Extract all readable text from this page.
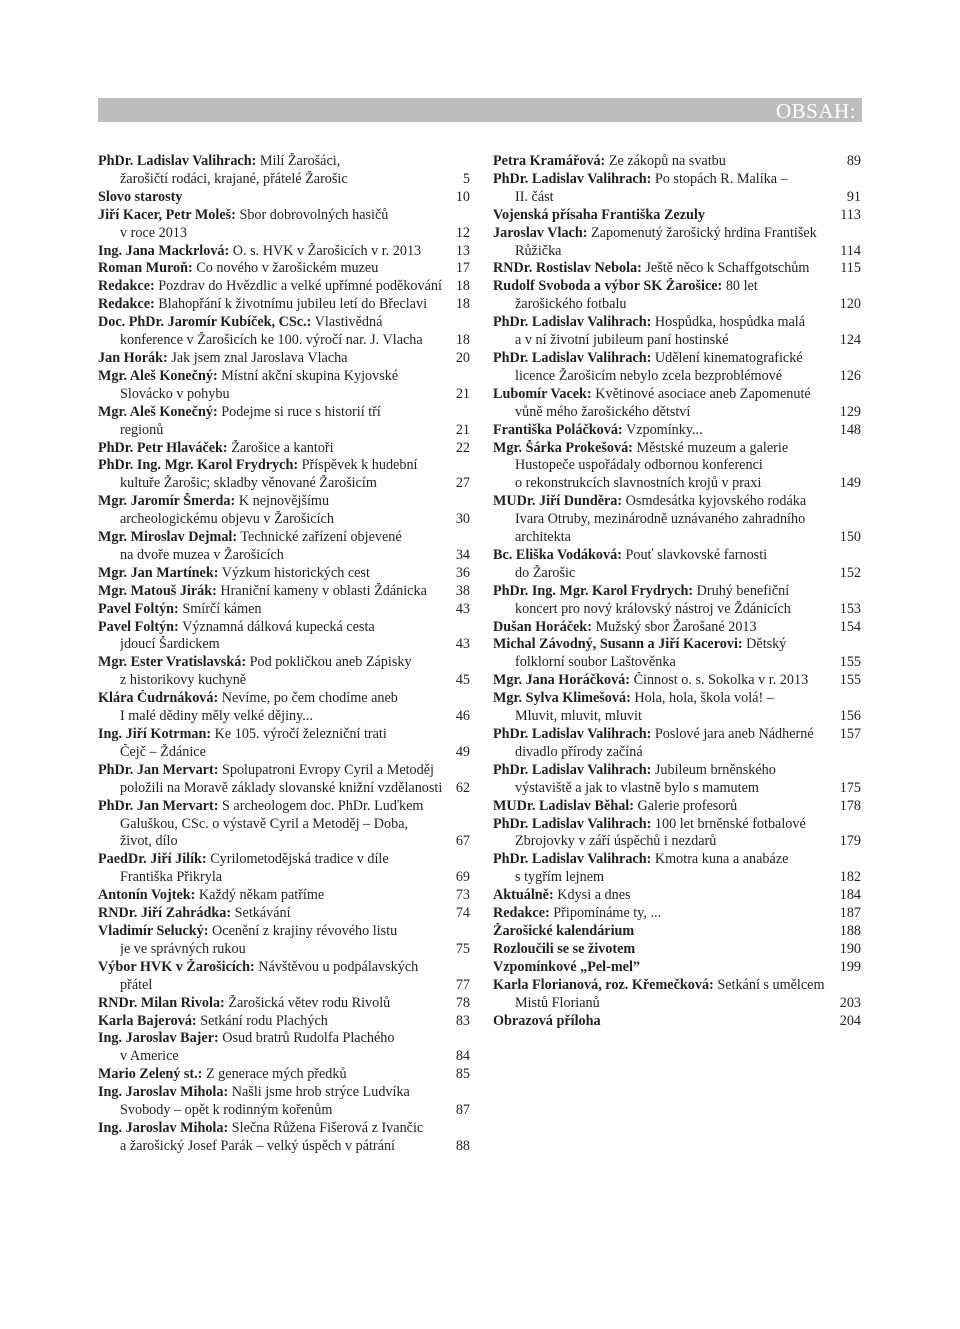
OBSAH:
PhDr. Ladislav Valihrach: Milí Žarošáci,
žarošičtí rodáci, krajané, přátelé Žarošic	5
Slovo starosty	10
Jiří Kacer, Petr Moleš: Sbor dobrovolných hasičů
v roce 2013	12
Ing. Jana Mackrlová: O. s. HVK v Žarošicích v r. 2013	13
Roman Muroň: Co nového v žarošickém muzeu	17
Redakce: Pozdrav do Hvězdlic a velké upřímné poděkování 18
Redakce: Blahopřání k životnímu jubileu letí do Břeclavi	18
Doc. PhDr. Jaromír Kubíček, CSc.: Vlastivědná
konference v Žarošicích ke 100. výročí nar. J. Vlacha	18
Jan Horák: Jak jsem znal Jaroslava Vlacha	20
Mgr. Aleš Konečný: Místní akční skupina Kyjovské
Slovácko v pohybu	21
Mgr. Aleš Konečný: Podejme si ruce s historií tří
regionů	21
PhDr. Petr Hlaváček: Žarošice a kantoři	22
PhDr. Ing. Mgr. Karol Frydrych: Příspěvek k hudební
kultuře Žarošic; skladby věnované Žarošicím	27
Mgr. Jaromír Šmerda: K nejnovějšímu
archeologickému objevu v Žarošicích	30
Mgr. Miroslav Dejmal: Technické zařízení objevené
na dvoře muzea v Žarošicích	34
Mgr. Jan Martínek: Výzkum historických cest	36
Mgr. Matouš Jirák: Hraniční kameny v oblasti Ždánicka	38
Pavel Foltýn: Smírčí kámen	43
Pavel Foltýn: Významná dálková kupecká cesta
jdoucí Šardickem	43
Mgr. Ester Vratislavská: Pod pokličkou aneb Zápisky
z historikovy kuchyně	45
Klára Čudrnáková: Nevíme, po čem chodíme aneb
I malé dědiny měly velké dějiny...	46
Ing. Jiří Kotrman: Ke 105. výročí železniční trati
Čejč – Ždánice	49
PhDr. Jan Mervart: Spolupatroni Evropy Cyril a Metoděj
položili na Moravě základy slovanské knižní vzdělanosti 62
PhDr. Jan Mervart: S archeologem doc. PhDr. Luďkem
Galuškou, CSc. o výstavě Cyril a Metoděj – Doba,
život, dílo	67
PaedDr. Jiří Jilík: Cyrilometodějská tradice v díle
Františka Přikryla	69
Antonín Vojtek: Každý někam patříme	73
RNDr. Jiří Zahrádka: Setkávání	74
Vladimír Selucký: Ocenění z krajiny révového listu
je ve správných rukou	75
Výbor HVK v Žarošicích: Návštěvou u podpálavských
přátel	77
RNDr. Milan Rivola: Žarošická větev rodu Rivolů	78
Karla Bajerová: Setkání rodu Plachých	83
Ing. Jaroslav Bajer: Osud bratrů Rudolfa Plachého
v Americe	84
Mario Zelený st.: Z generace mých předků	85
Ing. Jaroslav Mihola: Našli jsme hrob strýce Ludvíka
Svobody – opět k rodinným kořenům	87
Ing. Jaroslav Mihola: Slečna Růžena Fišerová z Ivančic
a žarošický Josef Parák – velký úspěch v pátrání	88
Petra Kramářová: Ze zákopů na svatbu	89
PhDr. Ladislav Valihrach: Po stopách R. Malíka –
II. část	91
Vojenská přísaha Františka Zezuly	113
Jaroslav Vlach: Zapomenutý žarošický hrdina František
Růžička	114
RNDr. Rostislav Nebola: Ještě něco k Schaffgotschům	115
Rudolf Svoboda a výbor SK Žarošice: 80 let
žarošického fotbalu	120
PhDr. Ladislav Valihrach: Hospůdka, hospůdka malá
a v ní životní jubileum paní hostinské	124
PhDr. Ladislav Valihrach: Udělení kinematografické
licence Žarošicím nebylo zcela bezproblémové	126
Lubomír Vacek: Květinové asociace aneb Zapomenuté
vůně mého žarošického dětství	129
Františka Poláčková: Vzpomínky...	148
Mgr. Šárka Prokešová: Městské muzeum a galerie
Hustopeče uspořádaly odbornou konferenci
o rekonstrukcích slavnostních krojů v praxi	149
MUDr. Jiří Dunděra: Osmdesátka kyjovského rodáka
Ivara Otruby, mezinárodně uznávaného zahradního
architekta	150
Bc. Eliška Vodáková: Pouť slavkovské farnosti
do Žarošic	152
PhDr. Ing. Mgr. Karol Frydrych: Druhý benefiční
koncert pro nový královský nástroj ve Ždánicích	153
Dušan Horáček: Mužský sbor Žarošané 2013	154
Michal Závodný, Susann a Jiří Kacerovi: Dětský
folklorní soubor Laštověnka	155
Mgr. Jana Horáčková: Činnost o. s. Sokolka v r. 2013	155
Mgr. Sylva Klimešová: Hola, hola, škola volá! –
Mluvit, mluvit, mluvit	156
PhDr. Ladislav Valihrach: Poslové jara aneb Nádherné	157
divadlo přírody začíná
PhDr. Ladislav Valihrach: Jubileum brněnského
výstaviště a jak to vlastně bylo s mamutem	175
MUDr. Ladislav Běhal: Galerie profesorů	178
PhDr. Ladislav Valihrach: 100 let brněnské fotbalové
Zbrojovky v září úspěchů i nezdarů	179
PhDr. Ladislav Valihrach: Kmotra kuna a anabáze
s tygřím lejnem	182
Aktuálně: Kdysi a dnes	184
Redakce: Připomínáme ty, ...	187
Žarošické kalendárium	188
Rozloučili se se životem	190
Vzpomínkové „Pel-mel”	199
Karla Florianová, roz. Křemečková: Setkání s umělcem
Mistů Florianů	203
Obrazová příloha	204
